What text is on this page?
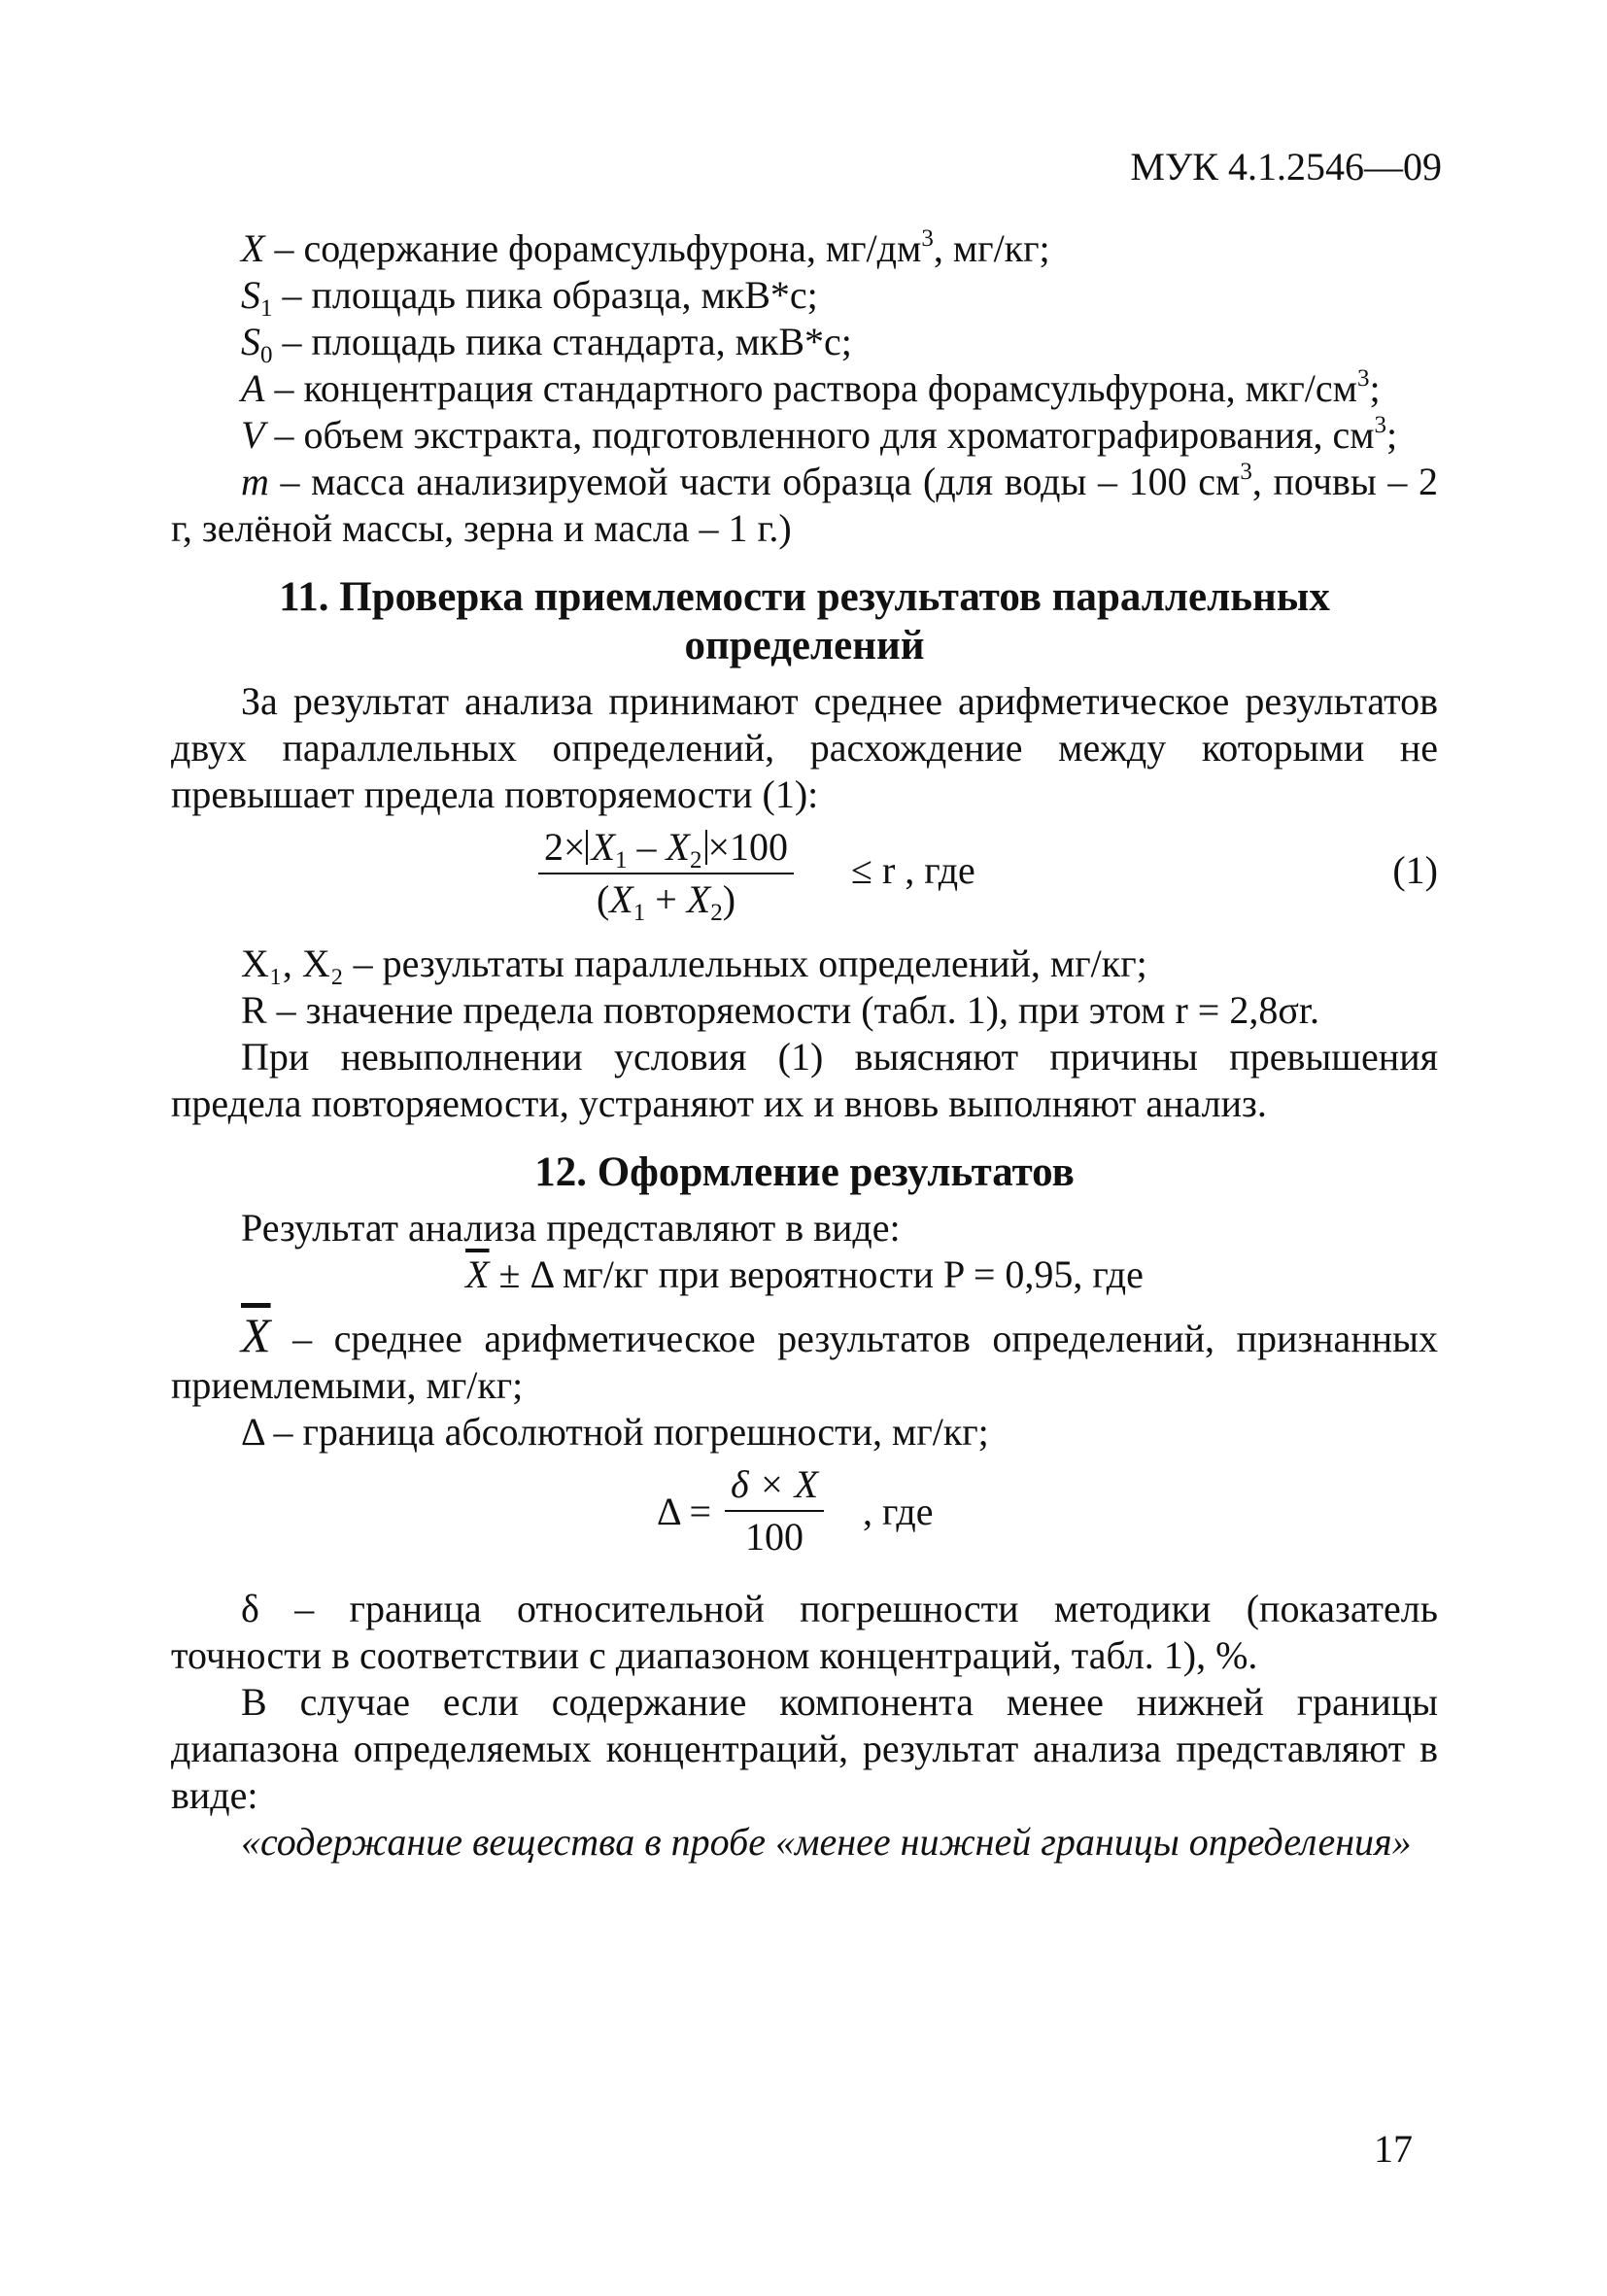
МУК 4.1.2546—09

X – содержание форамсульфурона, $мг/дм^3$, мг/кг;

$S_1$ – площадь пика образца, мкВ*с;

$S_0$ – площадь пика стандарта, мкВ*с;

A – концентрация стандартного раствора форамсульфурона, мкг/$см^3$;

V – объем экстракта, подготовленного для хроматографирования, $см^3$;

m – масса анализируемой части образца (для воды – 100 $см^3$, почвы – 2 г, зелёной массы, зерна и масла – 1 г.)

11. Проверка приемлемости результатов параллельных определений

За результат анализа принимают среднее арифметическое результатов двух параллельных определений, расхождение между которыми не превышает предела повторяемости (1):

$\frac{2\times X_1 - X_2 \times 100}{(X_1 + X_2)} \le r$ , где	(1)

X₁, X₂ – результаты параллельных определений, мг/кг;

R – значение предела повторяемости (табл. 1), при этом r = 2,8σr.

При невыполнении условия (1) выясняют причины превышения предела повторяемости, устраняют их и вновь выполняют анализ.

12. Оформление результатов

Результат анализа представляют в виде:

$\overline{X} \pm \Delta$ мг/кг при вероятности P = 0,95, где

$\overline{X}$ – среднее арифметическое результатов определений, признанных приемлемыми, мг/кг;

Δ – граница абсолютной погрешности, мг/кг;

$\Delta = \frac{\delta \times X}{100}$ , где

δ – граница относительной погрешности методики (показатель точности в соответствии с диапазоном концентраций, табл. 1), %.

В случае если содержание компонента менее нижней границы диапазона определяемых концентраций, результат анализа представляют в виде:

«содержание вещества в пробе «менее нижней границы определения»

17
